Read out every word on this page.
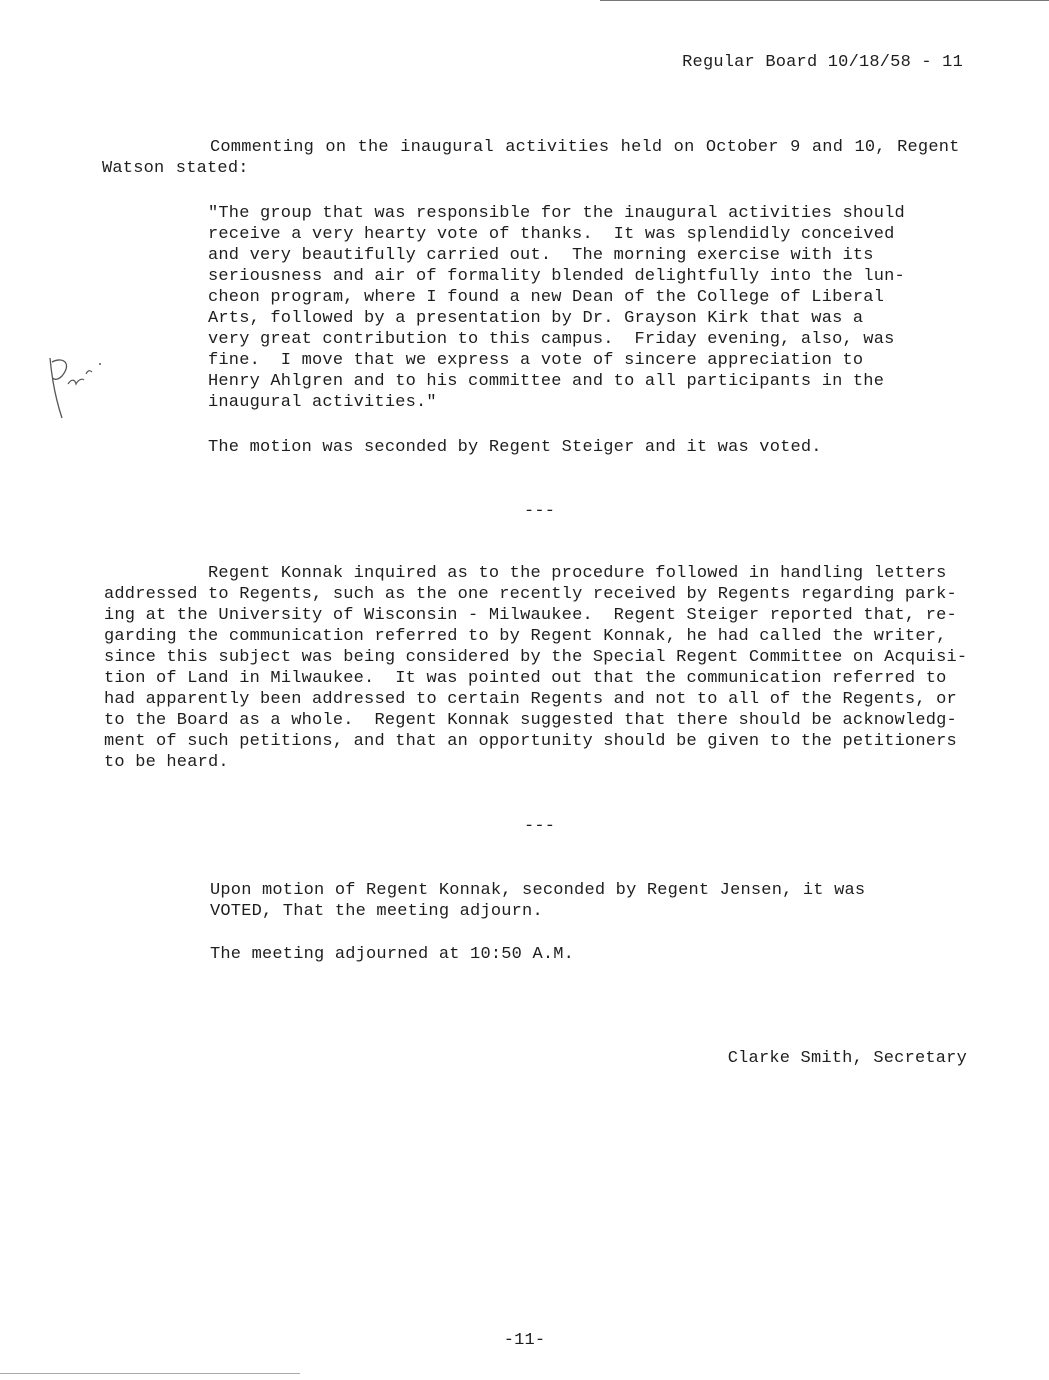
Regular Board 10/18/58 - 11
Commenting on the inaugural activities held on October 9 and 10, Regent Watson stated:
"The group that was responsible for the inaugural activities should
receive a very hearty vote of thanks.  It was splendidly conceived
and very beautifully carried out.  The morning exercise with its
seriousness and air of formality blended delightfully into the lun-
cheon program, where I found a new Dean of the College of Liberal
Arts, followed by a presentation by Dr. Grayson Kirk that was a
very great contribution to this campus.  Friday evening, also, was
fine.  I move that we express a vote of sincere appreciation to
Henry Ahlgren and to his committee and to all participants in the
inaugural activities."
The motion was seconded by Regent Steiger and it was voted.
---
Regent Konnak inquired as to the procedure followed in handling letters
addressed to Regents, such as the one recently received by Regents regarding park-
ing at the University of Wisconsin - Milwaukee.  Regent Steiger reported that, re-
garding the communication referred to by Regent Konnak, he had called the writer,
since this subject was being considered by the Special Regent Committee on Acquisi-
tion of Land in Milwaukee.  It was pointed out that the communication referred to
had apparently been addressed to certain Regents and not to all of the Regents, or
to the Board as a whole.  Regent Konnak suggested that there should be acknowledg-
ment of such petitions, and that an opportunity should be given to the petitioners
to be heard.
---
Upon motion of Regent Konnak, seconded by Regent Jensen, it was
VOTED, That the meeting adjourn.
The meeting adjourned at 10:50 A.M.
Clarke Smith, Secretary
-11-
